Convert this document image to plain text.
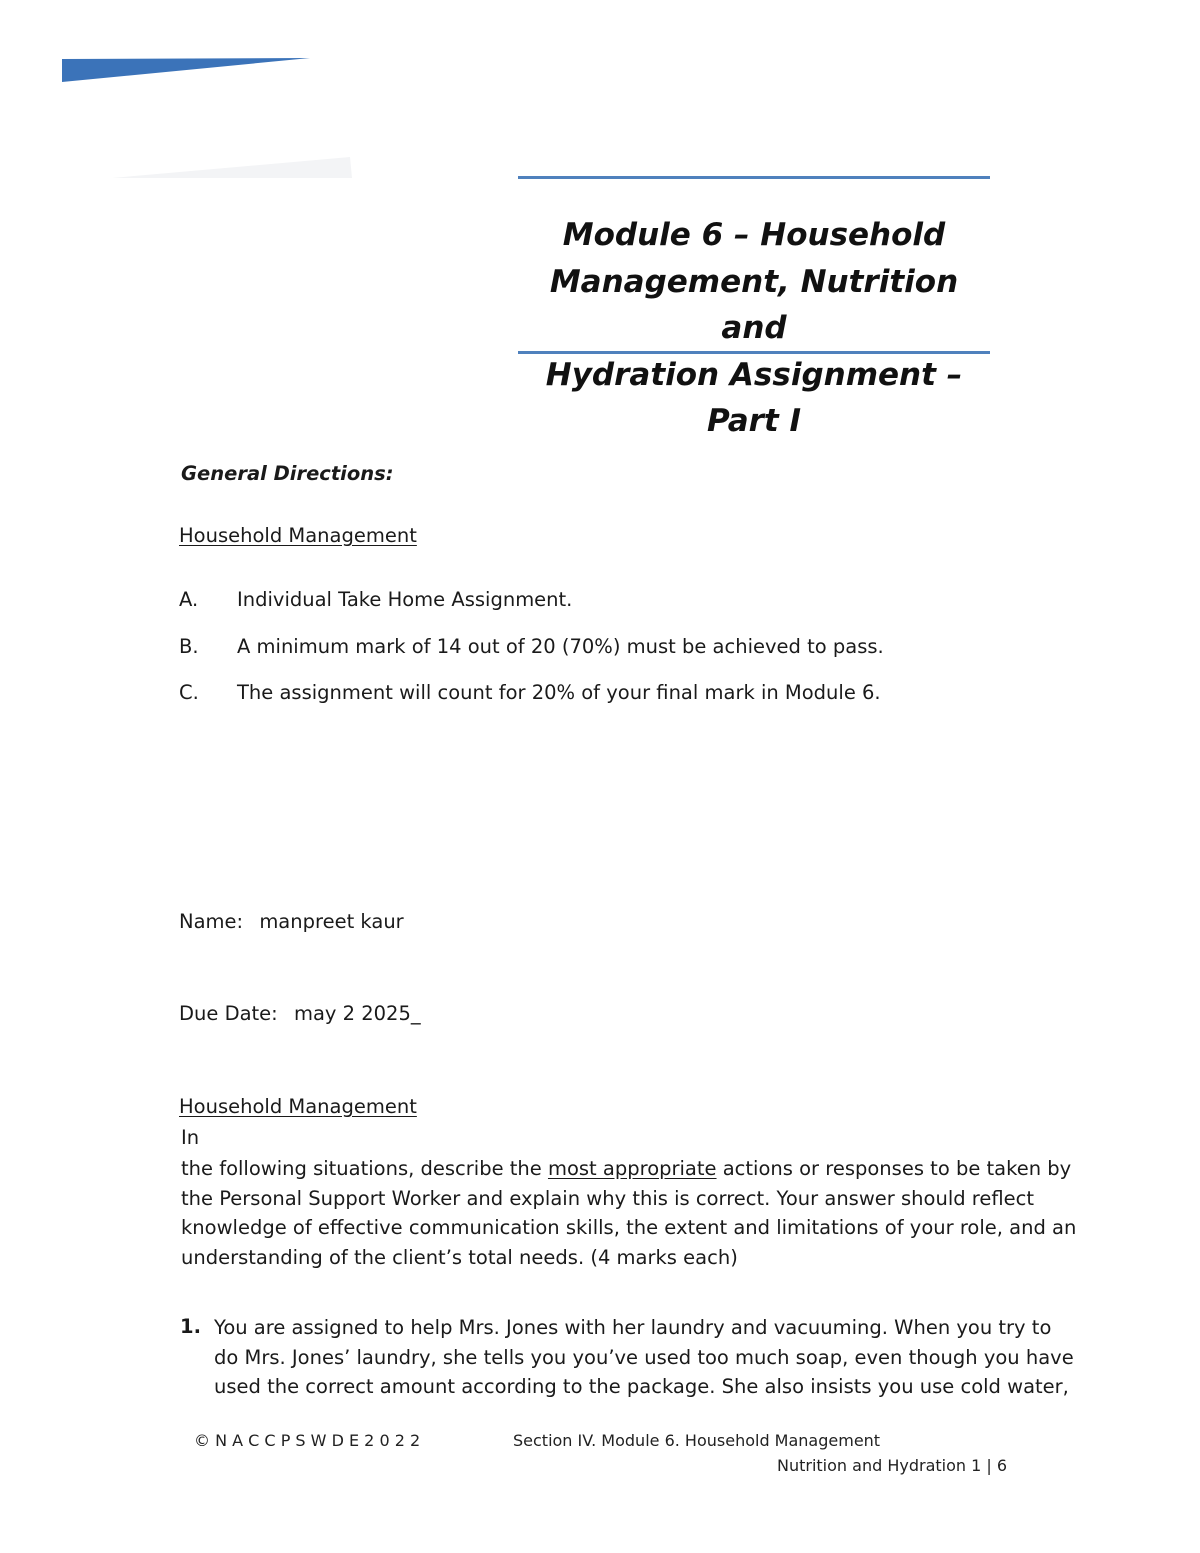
Module 6 – Household
Management, Nutrition and
Hydration Assignment – Part I
General Directions:
Household Management
A. Individual Take Home Assignment.
B. A minimum mark of 14 out of 20 (70%) must be achieved to pass.
C. The assignment will count for 20% of your final mark in Module 6.
Name: manpreet kaur
Due Date: may 2 2025_
Household Management
In
the following situations, describe the most appropriate actions or responses to be taken by
the Personal Support Worker and explain why this is correct. Your answer should reflect
knowledge of effective communication skills, the extent and limitations of your role, and an
understanding of the client’s total needs. (4 marks each)
1. You are assigned to help Mrs. Jones with her laundry and vacuuming. When you try to
do Mrs. Jones’ laundry, she tells you you’ve used too much soap, even though you have
used the correct amount according to the package. She also insists you use cold water,
© N A C C P S W D E 2 0 2 2	Section IV. Module 6. Household Management
Nutrition and Hydration 1 | 6
